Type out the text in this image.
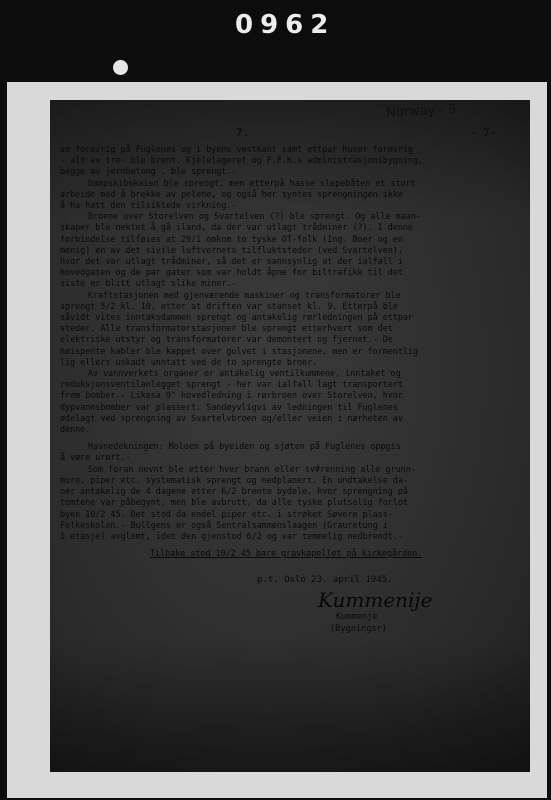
0962
Norway - 5
7.	- 7-
so forevrig på Fuglenes og i byens vestkant samt ettpar huser forøvrig
- alt av tre- ble brent. Kjelelageret og F.F.K.s administrasjonsbygning,
begge av jernbetong , ble sprengt.-
Dampskibskaien ble sprengt, men etterpå hasse slepebåten et stort
arbeide med å brekke av pelene, og også her syntes sprengningen ikke
å ha hatt den tilsiktede virkning.-
Broene over Storelven og Svartelven (?) ble sprengt. Og alle maan-
skaper ble nektet å gå iland, da der var utlagt trådminer (?). I denne
forbindelse tilføies at 29/1 omkom to tyske OT-folk (Ing. Boer og en
menig) en av det sivile luftvernets tilfluktsteder (ved Svartelven),
hvor det var utlagt trådminer, så det er sannsynlig at der ialfall i
hovedgaten og de par gater som var holdt åpne for biltrafikk til det
siste er blitt utlagt slike miner.-
Kraftstasjonen med gjenværende maskiner og transformatorer ble
sprengt 5/2 kl. 10, etter at driften var stanset kl. 9. Etterpå ble
såvidt vites inntaksdammen sprengt og antakelig rørledningen på ettpar
steder. Alle transformatorstasjoner ble sprengt etterhvert som det
elektriske utstyr og transformatorer var demontert og fjernet.- De
høispente kabler ble kappet over gulvet i stasjonene, men er formentlig
lig ellers uskadt unntatt ved de to sprengte broer.
Av vannverkets organer er antakelig ventilkummene, inntaket og
reduksjonsventilanlegget sprengt - her var ialfall lagt transportert
frem bomber.- Likesa 9" hovedledning i rørbroen over Storelven, hvor
dypvannsbomber var plassert. Sandøyvligvi av ledningen til Fuglenes
ødelagt ved sprengning av Svartelvbroen og/eller veien i nærheten av
denne.
Havnedekningen: Moloen på byeiden og sjøten på Fuglenes oppgis
å være urørt.-
Som foran nevnt ble etter hver brann eller sv#renning alle grunn-
mure, piper etc. systematisk sprengt og nedplanert. En undtakelse da-
ner antakelig de 4 dagene etter 6/2 brente bydele, hvor sprengning på
tomtene var påbegynt, men ble avbrutt, da alle tyske plutselig forlot
byen 10/2 45. Det stod da endel piper etc. i strøket Søvere plass-
Folkeskolen.- Bullgens er også Sentralsammenslaagen (Grauretung i
1 etasje) avglemt, idet den gjenstod 6/2 og var temmelig nedbrendt.-
Tilbake stod 10/2 45 bare gravkapellet på kirkegården.
p.t. Oslo 23. april 1945.
Kummenije
Kummenje
(Bygningsr)
